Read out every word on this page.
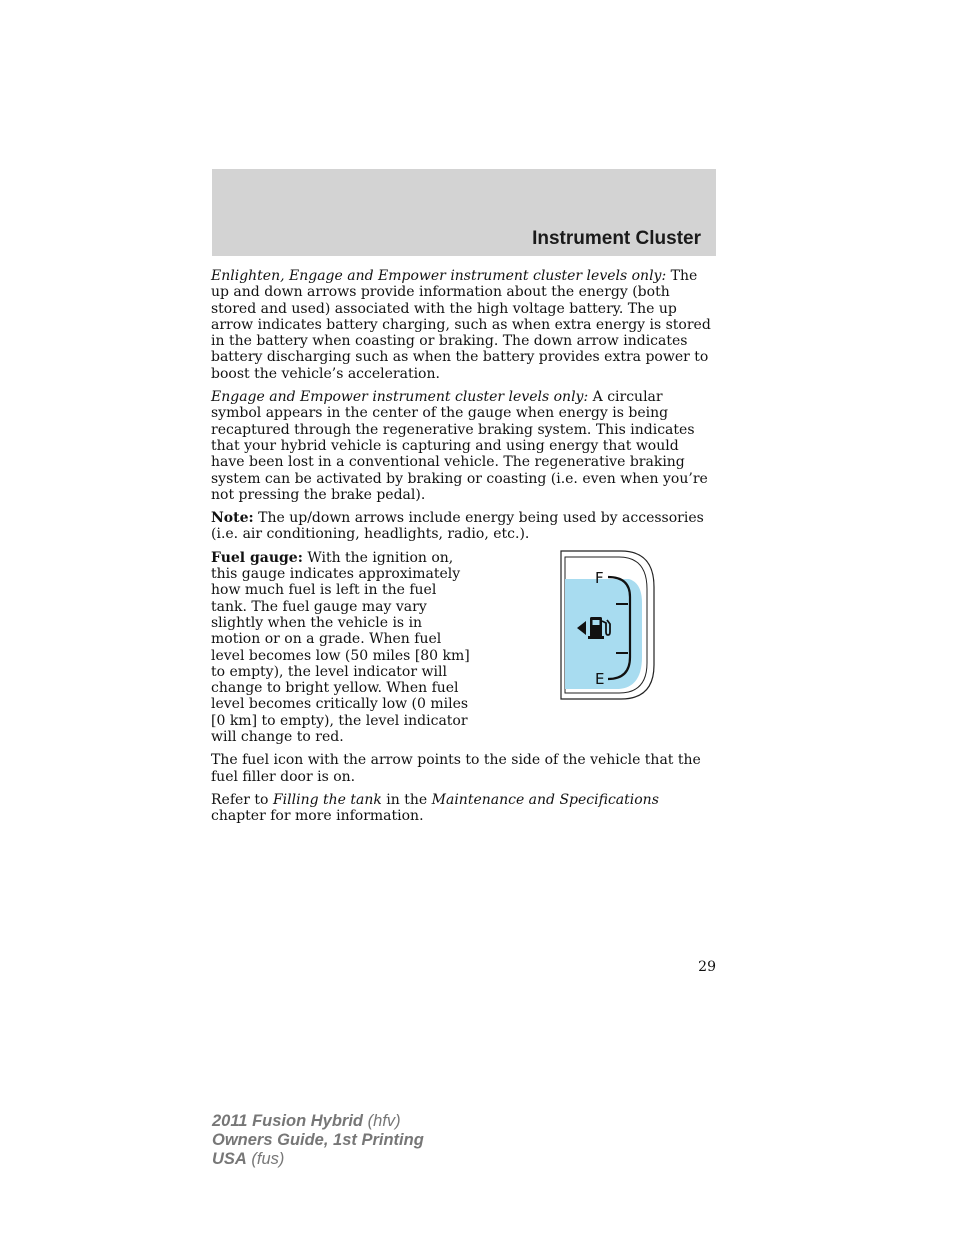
Instrument Cluster

Enlighten, Engage and Empower instrument cluster levels only: The up and down arrows provide information about the energy (both stored and used) associated with the high voltage battery. The up arrow indicates battery charging, such as when extra energy is stored in the battery when coasting or braking. The down arrow indicates battery discharging such as when the battery provides extra power to boost the vehicle’s acceleration.

Engage and Empower instrument cluster levels only: A circular symbol appears in the center of the gauge when energy is being recaptured through the regenerative braking system. This indicates that your hybrid vehicle is capturing and using energy that would have been lost in a conventional vehicle. The regenerative braking system can be activated by braking or coasting (i.e. even when you’re not pressing the brake pedal).

Note: The up/down arrows include energy being used by accessories (i.e. air conditioning, headlights, radio, etc.).

Fuel gauge: With the ignition on, this gauge indicates approximately how much fuel is left in the fuel tank. The fuel gauge may vary slightly when the vehicle is in motion or on a grade. When fuel level becomes low (50 miles [80 km] to empty), the level indicator will change to bright yellow. When fuel level becomes critically low (0 miles [0 km] to empty), the level indicator will change to red.

F
E

The fuel icon with the arrow points to the side of the vehicle that the fuel filler door is on.

Refer to Filling the tank in the Maintenance and Specifications chapter for more information.

29
2011 Fusion Hybrid (hfv)
Owners Guide, 1st Printing
USA (fus)
